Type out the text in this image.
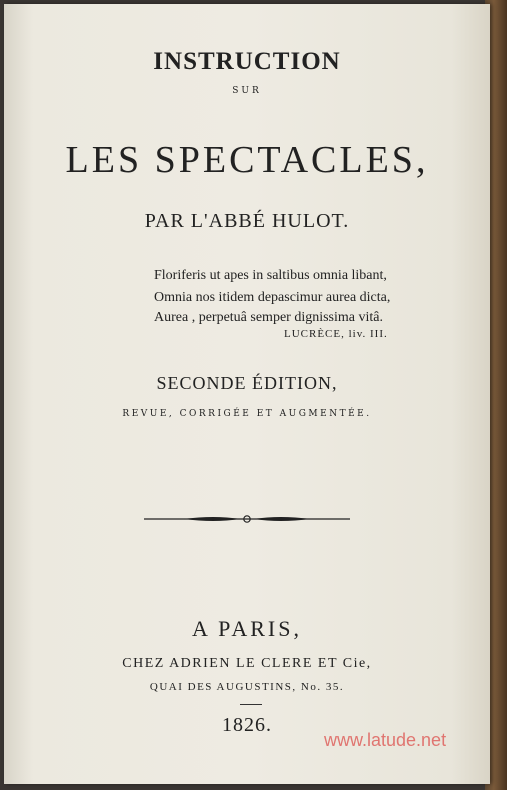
INSTRUCTION

SUR

LES SPECTACLES,

PAR L'ABBÉ HULOT.

Floriferis ut apes in saltibus omnia libant,

Omnia nos itidem depascimur aurea dicta,

Aurea , perpetuâ semper dignissima vitâ.

LUCRÈCE, liv. III.

SECONDE ÉDITION,

REVUE, CORRIGÉE ET AUGMENTÉE.

A PARIS,

CHEZ ADRIEN LE CLERE ET Cie,

QUAI DES AUGUSTINS, No. 35.

1826.

www.latude.net
